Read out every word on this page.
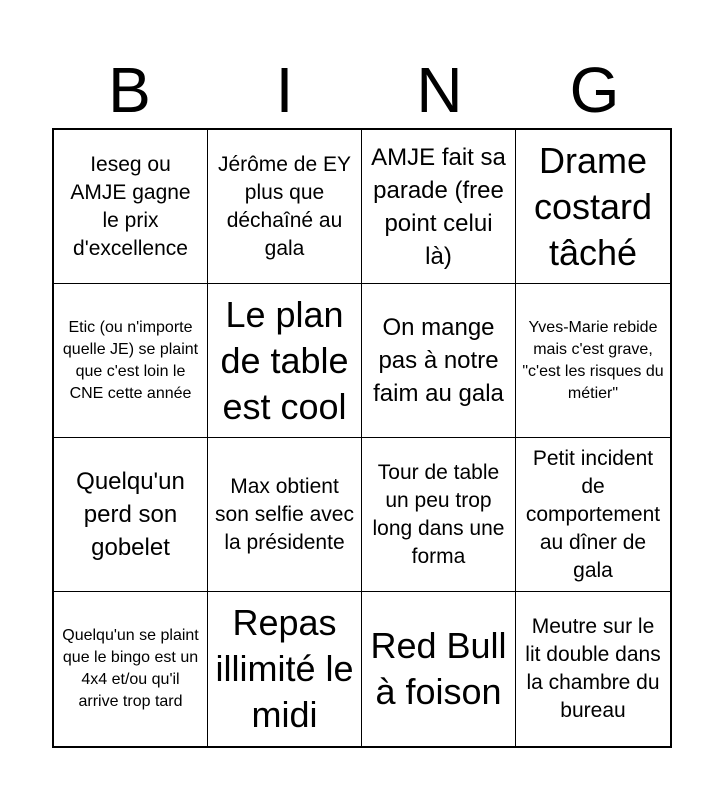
B	I	N	G
Ieseg ou AMJE gagne le prix d'excellence
Jérôme de EY plus que déchaîné au gala
AMJE fait sa parade (free point celui là)
Drame costard tâché
Etic (ou n'importe quelle JE) se plaint que c'est loin le CNE cette année
Le plan de table est cool
On mange pas à notre faim au gala
Yves-Marie rebide mais c'est grave, "c'est les risques du métier"
Quelqu'un perd son gobelet
Max obtient son selfie avec la présidente
Tour de table un peu trop long dans une forma
Petit incident de comportement au dîner de gala
Quelqu'un se plaint que le bingo est un 4x4 et/ou qu'il arrive trop tard
Repas illimité le midi
Red Bull à foison
Meutre sur le lit double dans la chambre du bureau
